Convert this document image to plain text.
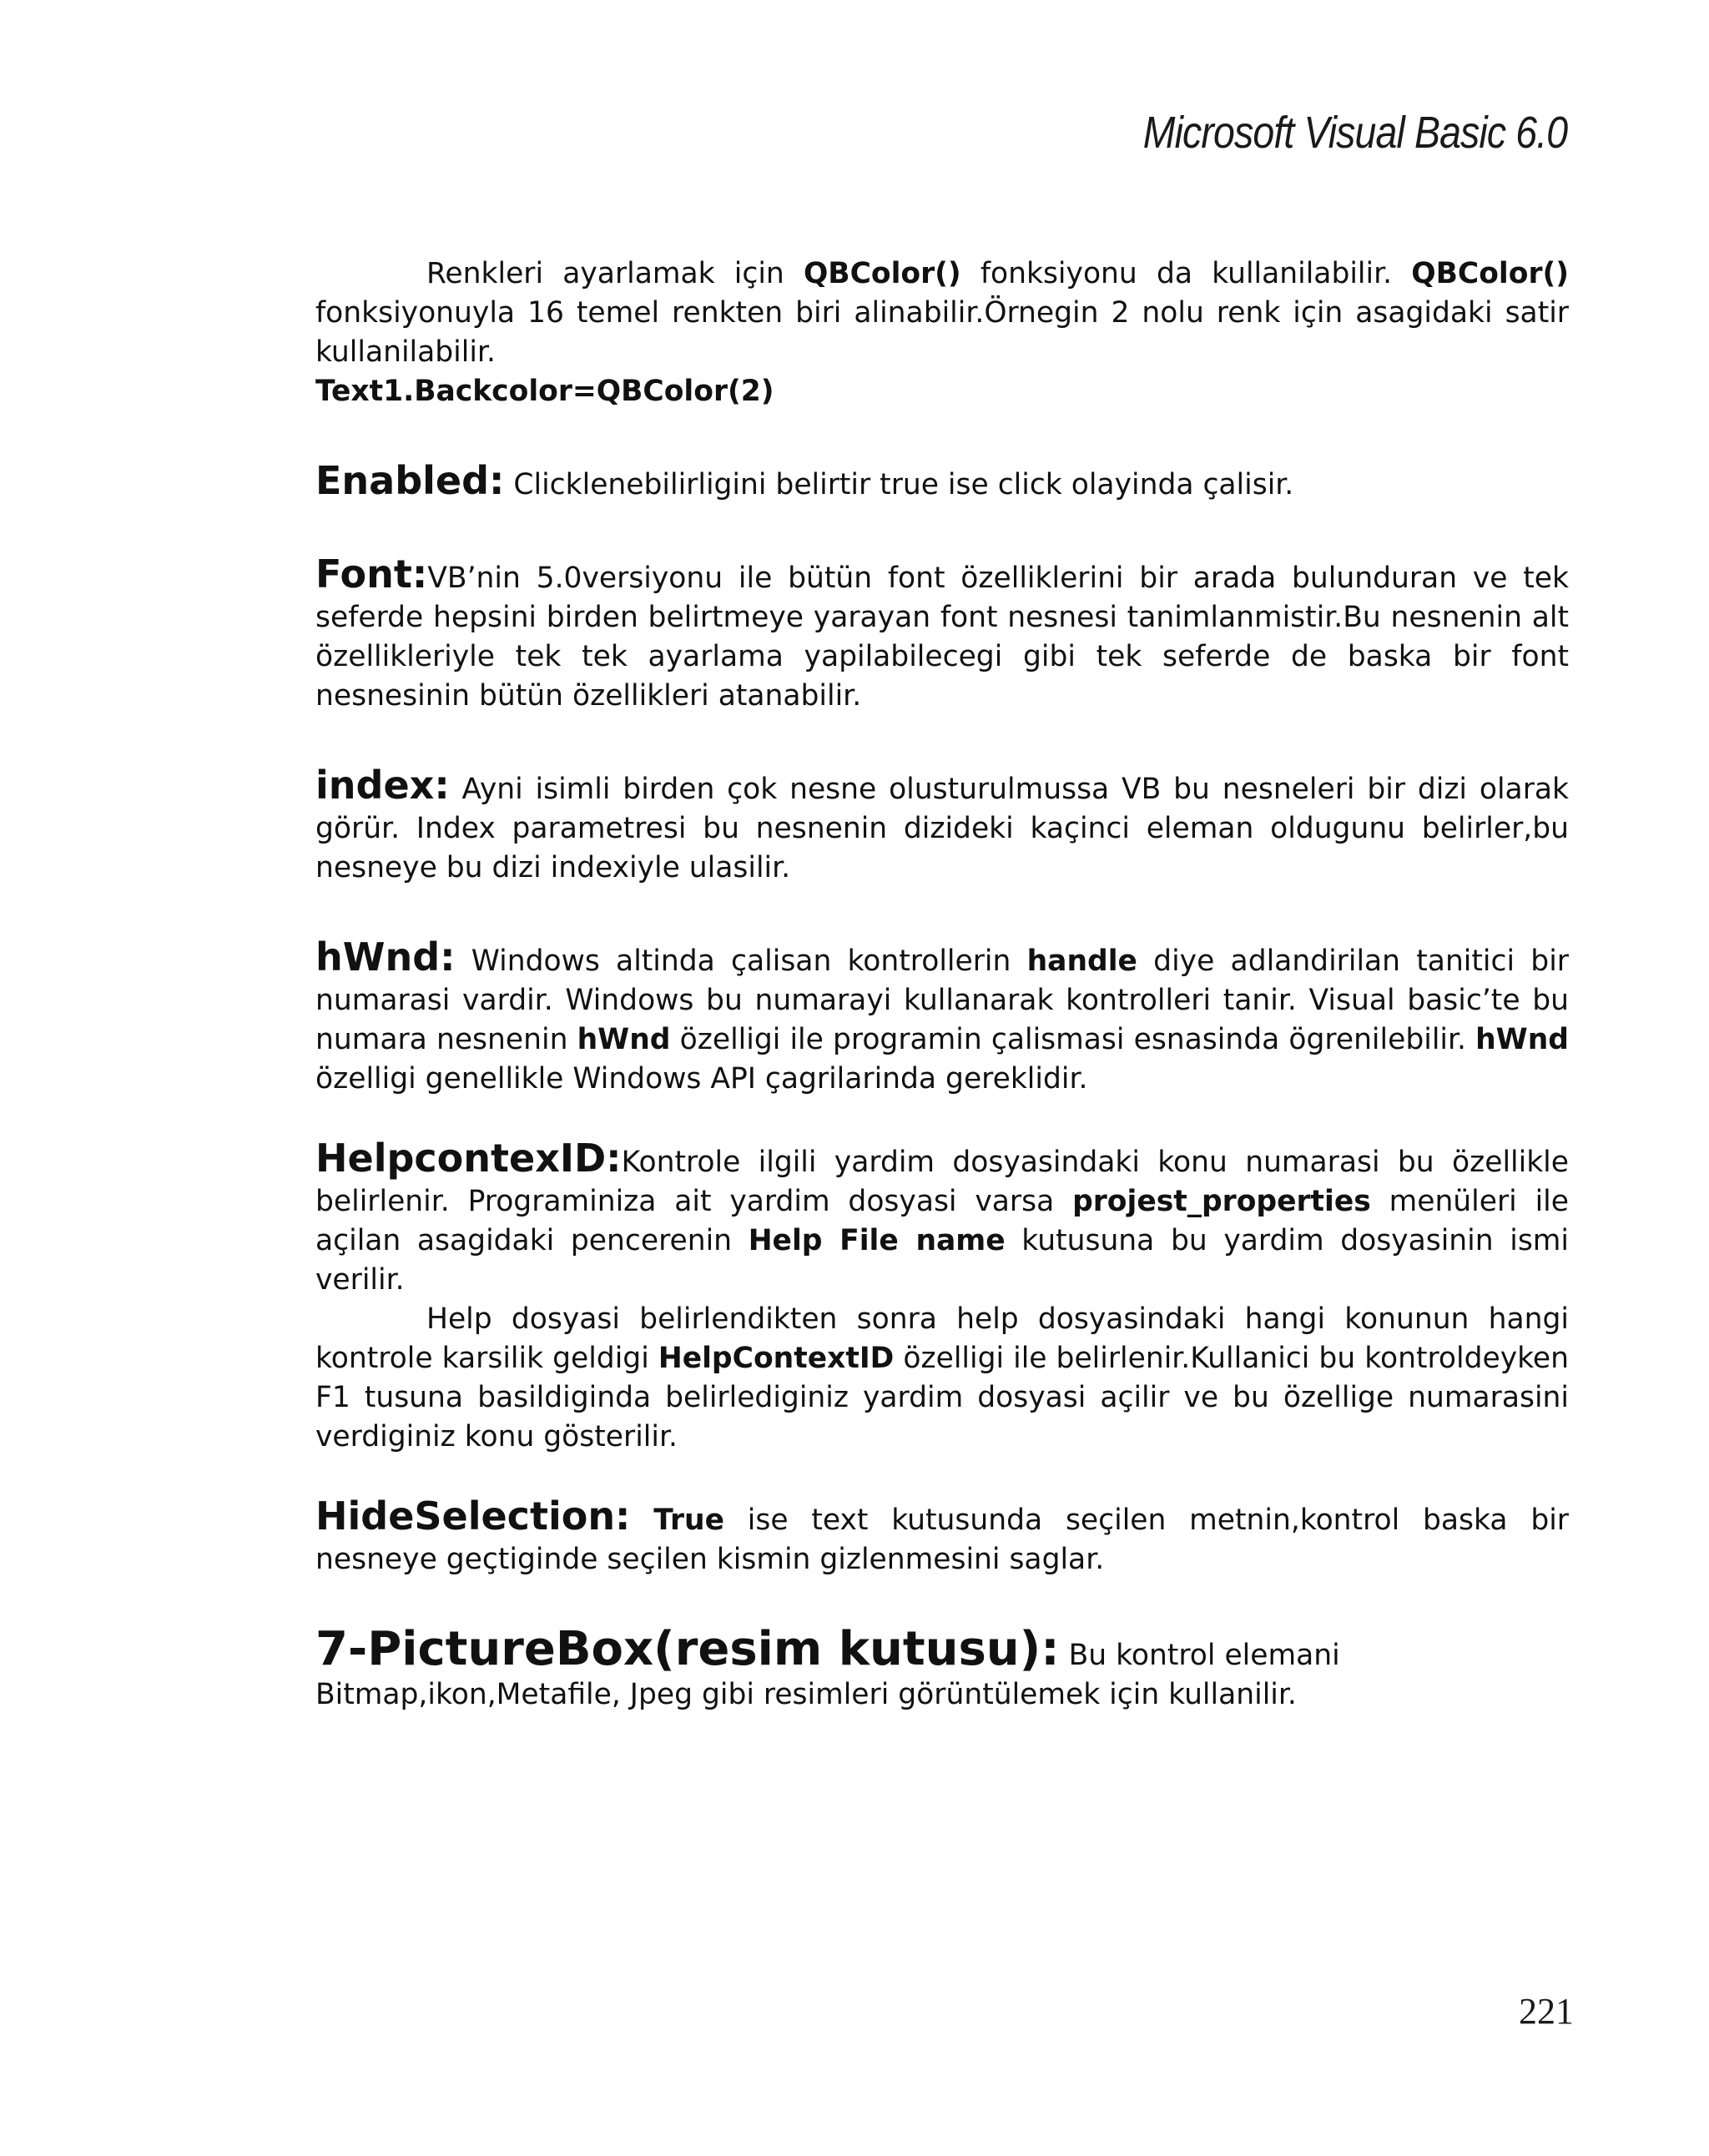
Microsoft Visual Basic 6.0

Renkleri ayarlamak için QBColor() fonksiyonu da kullanilabilir. QBColor() fonksiyonuyla 16 temel renkten biri alinabilir.Örnegin 2 nolu renk için asagidaki satir kullanilabilir.

Text1.Backcolor=QBColor(2)

Enabled: Clicklenebilirligini belirtir true ise click olayinda çalisir.

Font:VB’nin 5.0versiyonu ile bütün font özelliklerini bir arada bulunduran ve tek seferde hepsini birden belirtmeye yarayan font nesnesi tanimlanmistir.Bu nesnenin alt özellikleriyle tek tek ayarlama yapilabilecegi gibi tek seferde de baska bir font nesnesinin bütün özellikleri atanabilir.

index: Ayni isimli birden çok nesne olusturulmussa VB bu nesneleri bir dizi olarak görür. Index parametresi bu nesnenin dizideki kaçinci eleman oldugunu belirler,bu nesneye bu dizi indexiyle ulasilir.

hWnd: Windows altinda çalisan kontrollerin handle diye adlandirilan tanitici bir numarasi vardir. Windows bu numarayi kullanarak kontrolleri tanir. Visual basic’te bu numara nesnenin hWnd özelligi ile programin çalismasi esnasinda ögrenilebilir. hWnd özelligi genellikle Windows API çagrilarinda gereklidir.

HelpcontexID:Kontrole ilgili yardim dosyasindaki konu numarasi bu özellikle belirlenir. Programiniza ait yardim dosyasi varsa projest_properties menüleri ile açilan asagidaki pencerenin Help File name kutusuna bu yardim dosyasinin ismi verilir.

Help dosyasi belirlendikten sonra help dosyasindaki hangi konunun hangi kontrole karsilik geldigi HelpContextID özelligi ile belirlenir.Kullanici bu kontroldeyken F1 tusuna basildiginda belirlediginiz yardim dosyasi açilir ve bu özellige numarasini verdiginiz konu gösterilir.

HideSelection: True ise text kutusunda seçilen metnin,kontrol baska bir nesneye geçtiginde seçilen kismin gizlenmesini saglar.

7-PictureBox(resim kutusu): Bu kontrol elemani
Bitmap,ikon,Metafile, Jpeg gibi resimleri görüntülemek için kullanilir.

221
